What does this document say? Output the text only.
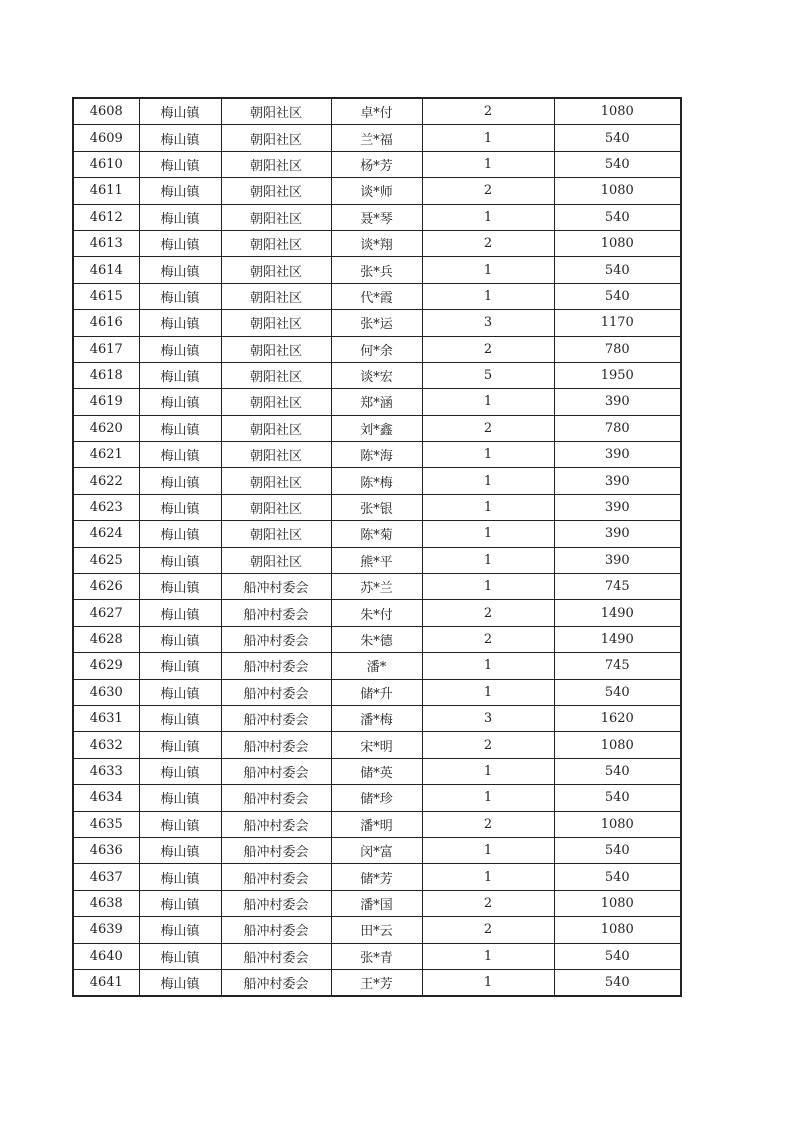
4608	梅山镇	朝阳社区	卓*付	2	1080
4609	梅山镇	朝阳社区	兰*福	1	540
4610	梅山镇	朝阳社区	杨*芳	1	540
4611	梅山镇	朝阳社区	谈*师	2	1080
4612	梅山镇	朝阳社区	聂*琴	1	540
4613	梅山镇	朝阳社区	谈*翔	2	1080
4614	梅山镇	朝阳社区	张*兵	1	540
4615	梅山镇	朝阳社区	代*霞	1	540
4616	梅山镇	朝阳社区	张*运	3	1170
4617	梅山镇	朝阳社区	何*余	2	780
4618	梅山镇	朝阳社区	谈*宏	5	1950
4619	梅山镇	朝阳社区	郑*涵	1	390
4620	梅山镇	朝阳社区	刘*鑫	2	780
4621	梅山镇	朝阳社区	陈*海	1	390
4622	梅山镇	朝阳社区	陈*梅	1	390
4623	梅山镇	朝阳社区	张*银	1	390
4624	梅山镇	朝阳社区	陈*菊	1	390
4625	梅山镇	朝阳社区	熊*平	1	390
4626	梅山镇	船冲村委会	苏*兰	1	745
4627	梅山镇	船冲村委会	朱*付	2	1490
4628	梅山镇	船冲村委会	朱*德	2	1490
4629	梅山镇	船冲村委会	潘*	1	745
4630	梅山镇	船冲村委会	储*升	1	540
4631	梅山镇	船冲村委会	潘*梅	3	1620
4632	梅山镇	船冲村委会	宋*明	2	1080
4633	梅山镇	船冲村委会	储*英	1	540
4634	梅山镇	船冲村委会	储*珍	1	540
4635	梅山镇	船冲村委会	潘*明	2	1080
4636	梅山镇	船冲村委会	闵*富	1	540
4637	梅山镇	船冲村委会	储*芳	1	540
4638	梅山镇	船冲村委会	潘*国	2	1080
4639	梅山镇	船冲村委会	田*云	2	1080
4640	梅山镇	船冲村委会	张*青	1	540
4641	梅山镇	船冲村委会	王*芳	1	540
